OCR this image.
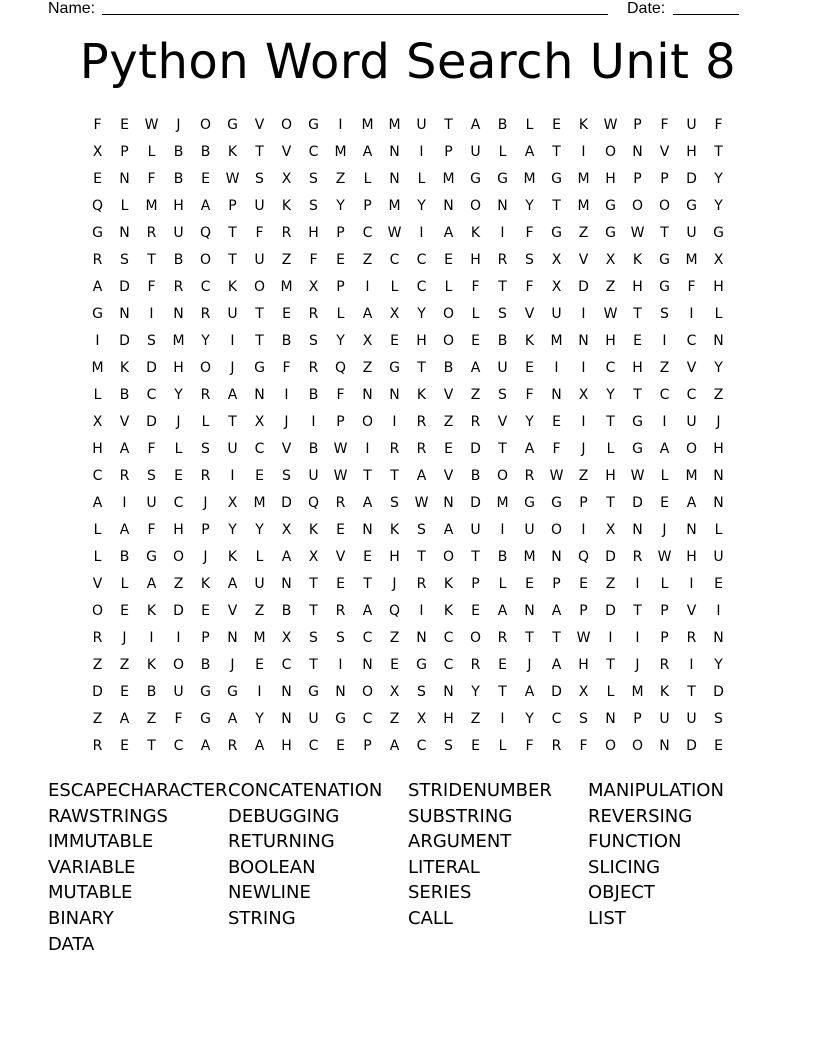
Name:	Date:
Python Word Search Unit 8
F	E	W	J	O	G	V	O	G	I	M	M	U	T	A	B	L	E	K	W	P	F	U	F
X	P	L	B	B	K	T	V	C	M	A	N	I	P	U	L	A	T	I	O	N	V	H	T
E	N	F	B	E	W	S	X	S	Z	L	N	L	M	G	G	M	G	M	H	P	P	D	Y
Q	L	M	H	A	P	U	K	S	Y	P	M	Y	N	O	N	Y	T	M	G	O	O	G	Y
G	N	R	U	Q	T	F	R	H	P	C	W	I	A	K	I	F	G	Z	G	W	T	U	G
R	S	T	B	O	T	U	Z	F	E	Z	C	C	E	H	R	S	X	V	X	K	G	M	X
A	D	F	R	C	K	O	M	X	P	I	L	C	L	F	T	F	X	D	Z	H	G	F	H
G	N	I	N	R	U	T	E	R	L	A	X	Y	O	L	S	V	U	I	W	T	S	I	L
I	D	S	M	Y	I	T	B	S	Y	X	E	H	O	E	B	K	M	N	H	E	I	C	N
M	K	D	H	O	J	G	F	R	Q	Z	G	T	B	A	U	E	I	I	C	H	Z	V	Y
L	B	C	Y	R	A	N	I	B	F	N	N	K	V	Z	S	F	N	X	Y	T	C	C	Z
X	V	D	J	L	T	X	J	I	P	O	I	R	Z	R	V	Y	E	I	T	G	I	U	J
H	A	F	L	S	U	C	V	B	W	I	R	R	E	D	T	A	F	J	L	G	A	O	H
C	R	S	E	R	I	E	S	U	W	T	T	A	V	B	O	R	W	Z	H	W	L	M	N
A	I	U	C	J	X	M	D	Q	R	A	S	W	N	D	M	G	G	P	T	D	E	A	N
L	A	F	H	P	Y	Y	X	K	E	N	K	S	A	U	I	U	O	I	X	N	J	N	L
L	B	G	O	J	K	L	A	X	V	E	H	T	O	T	B	M	N	Q	D	R	W	H	U
V	L	A	Z	K	A	U	N	T	E	T	J	R	K	P	L	E	P	E	Z	I	L	I	E
O	E	K	D	E	V	Z	B	T	R	A	Q	I	K	E	A	N	A	P	D	T	P	V	I
R	J	I	I	P	N	M	X	S	S	C	Z	N	C	O	R	T	T	W	I	I	P	R	N
Z	Z	K	O	B	J	E	C	T	I	N	E	G	C	R	E	J	A	H	T	J	R	I	Y
D	E	B	U	G	G	I	N	G	N	O	X	S	N	Y	T	A	D	X	L	M	K	T	D
Z	A	Z	F	G	A	Y	N	U	G	C	Z	X	H	Z	I	Y	C	S	N	P	U	U	S
R	E	T	C	A	R	A	H	C	E	P	A	C	S	E	L	F	R	F	O	O	N	D	E
ESCAPECHARACTER CONCATENATION	STRIDENUMBER	MANIPULATION
RAWSTRINGS	DEBUGGING	SUBSTRING	REVERSING
IMMUTABLE	RETURNING	ARGUMENT	FUNCTION
VARIABLE	BOOLEAN	LITERAL	SLICING
MUTABLE	NEWLINE	SERIES	OBJECT
BINARY	STRING	CALL	LIST
DATA
